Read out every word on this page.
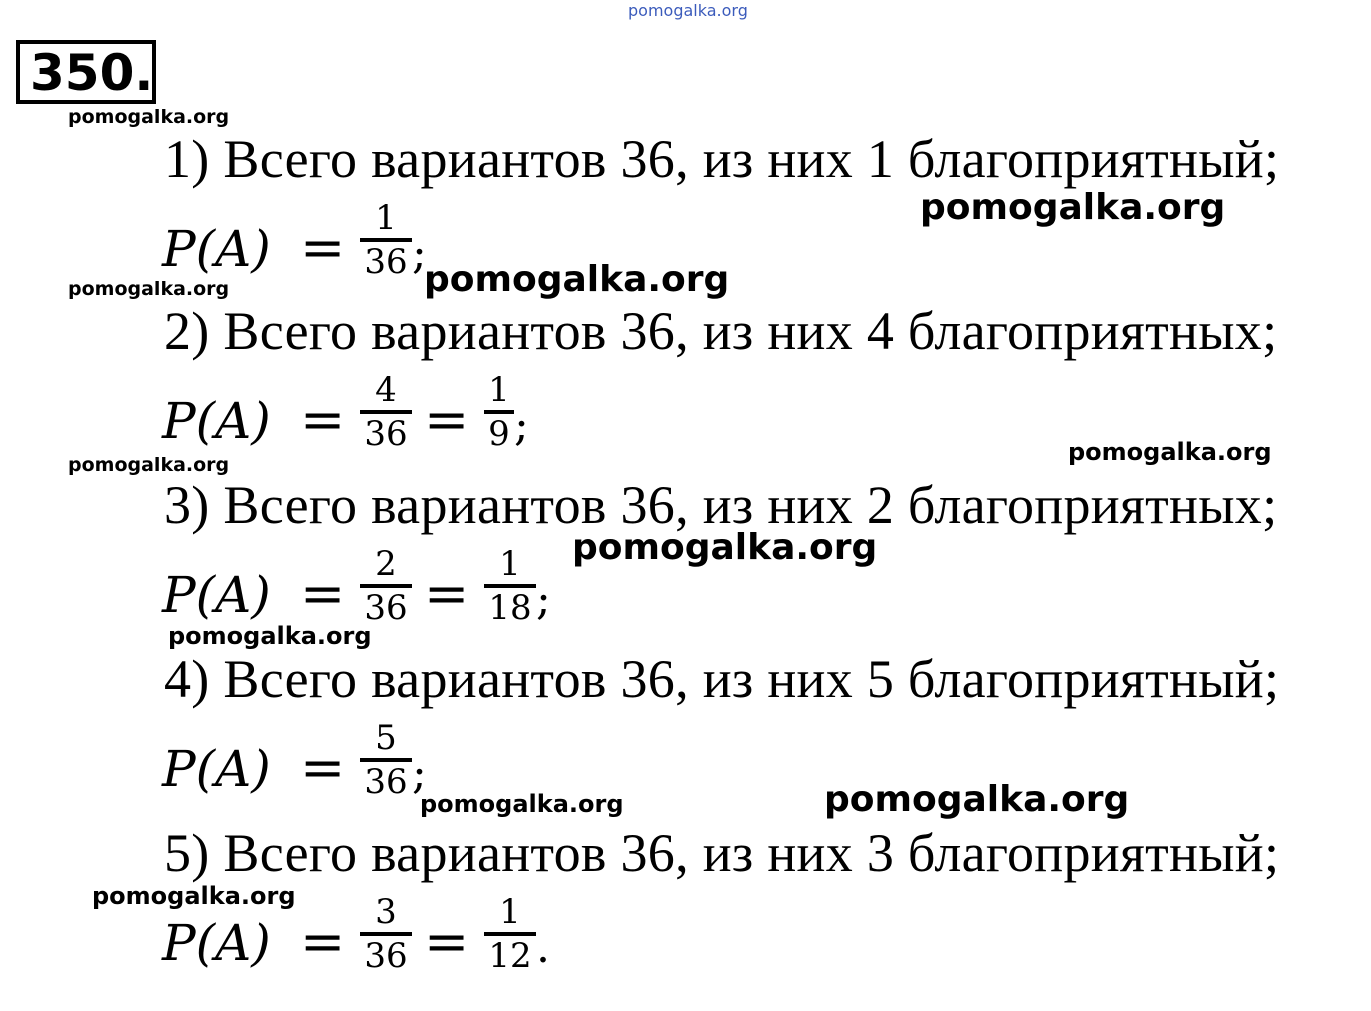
pomogalka.org
pomogalka.org
pomogalka.org
pomogalka.org
pomogalka.org
pomogalka.org
pomogalka.org
pomogalka.org
pomogalka.org
pomogalka.org	pomogalka.org
pomogalka.org
350.
1) Всего вариантов 36, из них 1 благоприятный;
P(A) = 1
36 ;
2) Всего вариантов 36, из них 4 благоприятных;
P(A) = 4
36 = 1
9 ;
3) Всего вариантов 36, из них 2 благоприятных;
P(A) = 2
36 = 1
18 ;
4) Всего вариантов 36, из них 5 благоприятный;
P(A) = 5
36 ;
5) Всего вариантов 36, из них 3 благоприятный;
P(A) = 3
36 = 1
12 .
